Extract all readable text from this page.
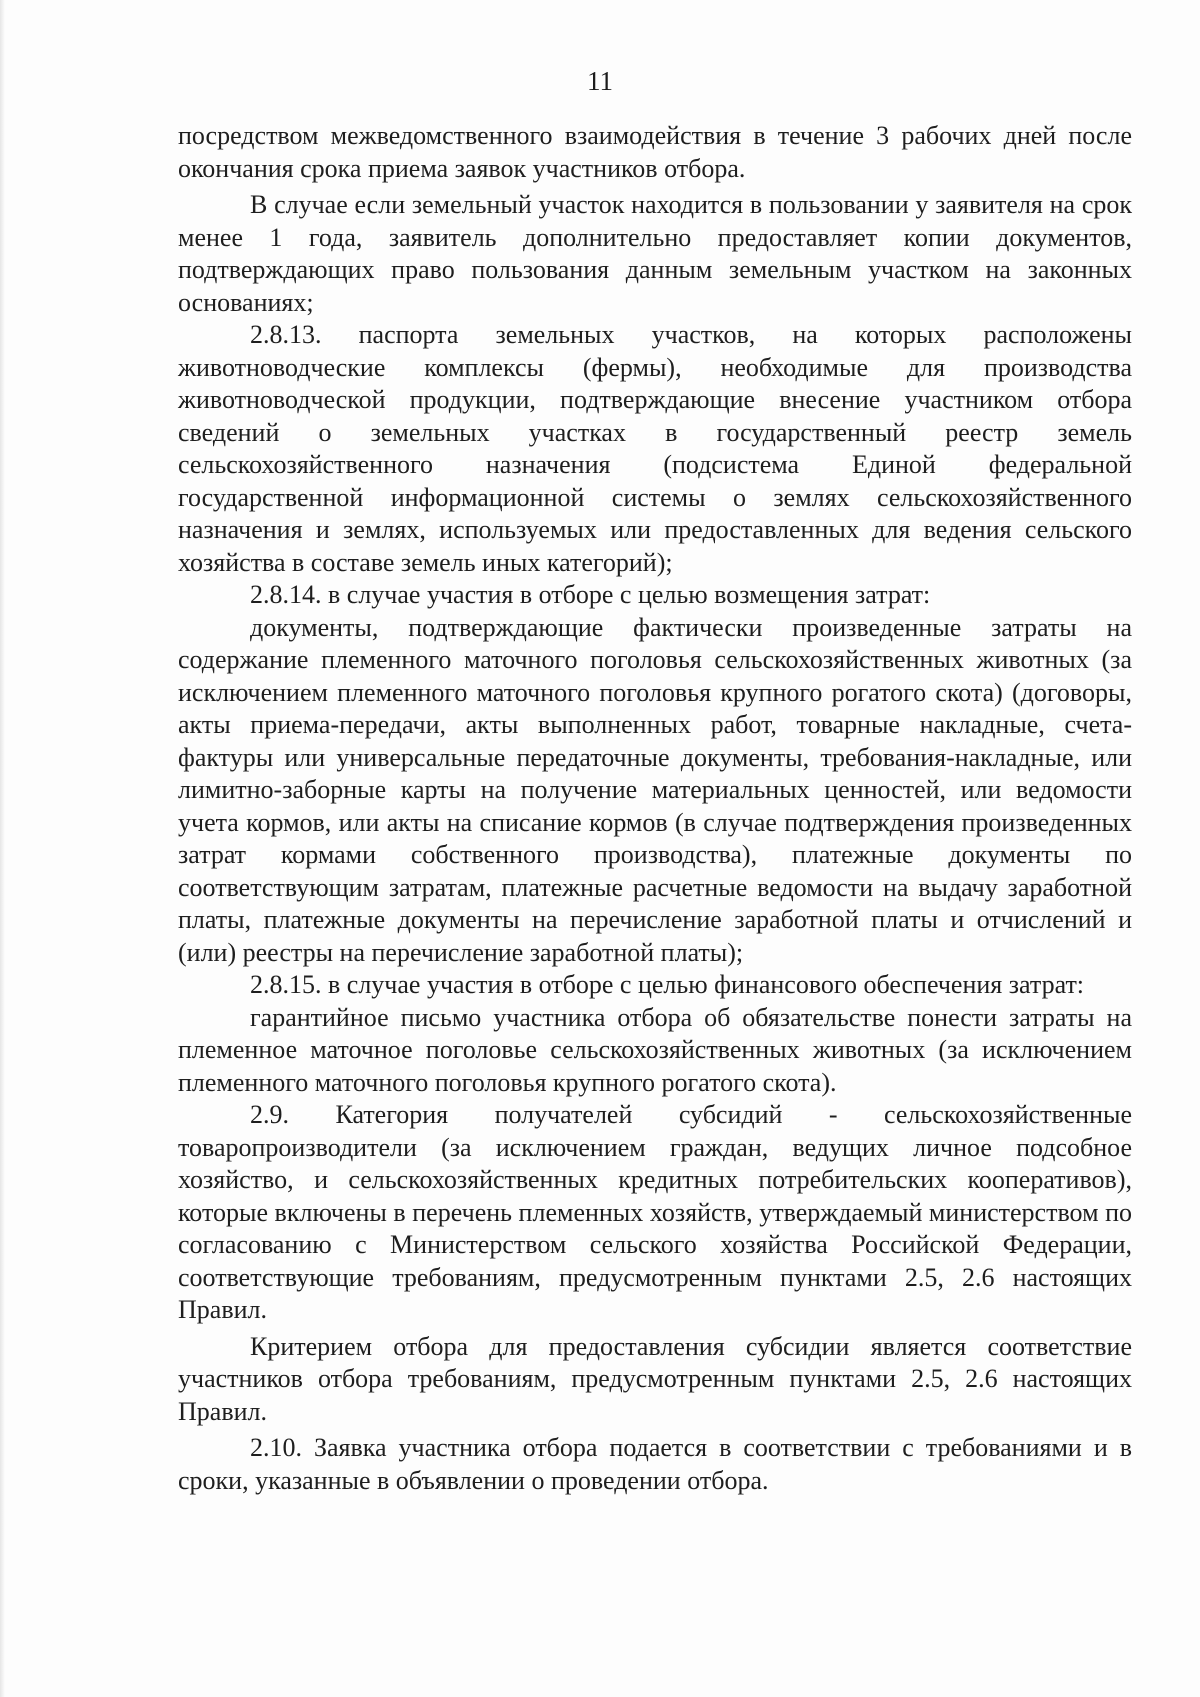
11

посредством межведомственного взаимодействия в течение 3 рабочих дней после окончания срока приема заявок участников отбора.

В случае если земельный участок находится в пользовании у заявителя на срок менее 1 года, заявитель дополнительно предоставляет копии документов, подтверждающих право пользования данным земельным участком на законных основаниях;

2.8.13. паспорта земельных участков, на которых расположены животноводческие комплексы (фермы), необходимые для производства животноводческой продукции, подтверждающие внесение участником отбора сведений о земельных участках в государственный реестр земель сельскохозяйственного назначения (подсистема Единой федеральной государственной информационной системы о землях сельскохозяйственного назначения и землях, используемых или предоставленных для ведения сельского хозяйства в составе земель иных категорий);

2.8.14. в случае участия в отборе с целью возмещения затрат:

документы, подтверждающие фактически произведенные затраты на содержание племенного маточного поголовья сельскохозяйственных животных (за исключением племенного маточного поголовья крупного рогатого скота) (договоры, акты приема-передачи, акты выполненных работ, товарные накладные, счета-фактуры или универсальные передаточные документы, требования-накладные, или лимитно-заборные карты на получение материальных ценностей, или ведомости учета кормов, или акты на списание кормов (в случае подтверждения произведенных затрат кормами собственного производства), платежные документы по соответствующим затратам, платежные расчетные ведомости на выдачу заработной платы, платежные документы на перечисление заработной платы и отчислений и (или) реестры на перечисление заработной платы);

2.8.15. в случае участия в отборе с целью финансового обеспечения затрат:

гарантийное письмо участника отбора об обязательстве понести затраты на племенное маточное поголовье сельскохозяйственных животных (за исключением племенного маточного поголовья крупного рогатого скота).

2.9. Категория получателей субсидий - сельскохозяйственные товаропроизводители (за исключением граждан, ведущих личное подсобное хозяйство, и сельскохозяйственных кредитных потребительских кооперативов), которые включены в перечень племенных хозяйств, утверждаемый министерством по согласованию с Министерством сельского хозяйства Российской Федерации, соответствующие требованиям, предусмотренным пунктами 2.5, 2.6 настоящих Правил.

Критерием отбора для предоставления субсидии является соответствие участников отбора требованиям, предусмотренным пунктами 2.5, 2.6 настоящих Правил.

2.10. Заявка участника отбора подается в соответствии с требованиями и в сроки, указанные в объявлении о проведении отбора.
